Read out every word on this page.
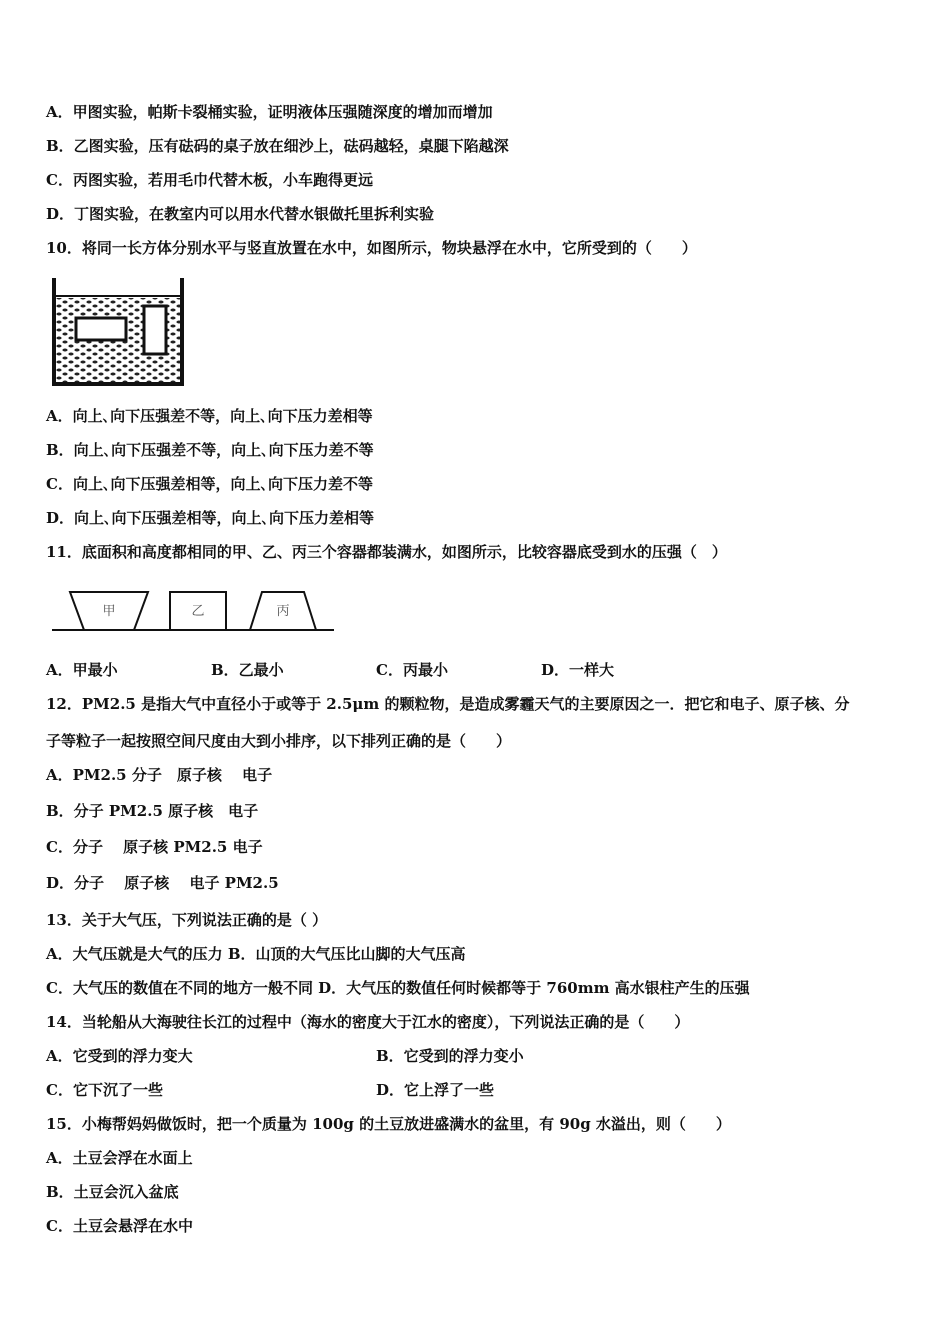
A．甲图实验，帕斯卡裂桶实验，证明液体压强随深度的增加而增加
B．乙图实验，压有砝码的桌子放在细沙上，砝码越轻，桌腿下陷越深
C．丙图实验，若用毛巾代替木板，小车跑得更远
D．丁图实验，在教室内可以用水代替水银做托里拆利实验
10．将同一长方体分别水平与竖直放置在水中，如图所示，物块悬浮在水中，它所受到的（　　）
A．向上､向下压强差不等，向上､向下压力差相等
B．向上､向下压强差不等，向上､向下压力差不等
C．向上､向下压强差相等，向上､向下压力差不等
D．向上､向下压强差相等，向上､向下压力差相等
11．底面积和高度都相同的甲、乙、丙三个容器都装满水，如图所示，比较容器底受到水的压强（　）
甲	乙	丙
A．甲最小	B．乙最小	C．丙最小	D．一样大
12．PM2.5 是指大气中直径小于或等于 2.5μm 的颗粒物，是造成雾霾天气的主要原因之一．把它和电子、原子核、分
子等粒子一起按照空间尺度由大到小排序，以下排列正确的是（　　）
A．PM2.5 分子　原子核　 电子
B．分子 PM2.5 原子核　电子
C．分子　 原子核 PM2.5 电子
D．分子　 原子核　 电子 PM2.5
13．关于大气压，下列说法正确的是（ ）
A．大气压就是大气的压力 B．山顶的大气压比山脚的大气压高
C．大气压的数值在不同的地方一般不同 D．大气压的数值任何时候都等于 760mm 高水银柱产生的压强
14．当轮船从大海驶往长江的过程中（海水的密度大于江水的密度），下列说法正确的是（　　）
A．它受到的浮力变大	B．它受到的浮力变小
C．它下沉了一些	D．它上浮了一些
15．小梅帮妈妈做饭时，把一个质量为 100g 的土豆放进盛满水的盆里，有 90g 水溢出，则（　　）
A．土豆会浮在水面上
B．土豆会沉入盆底
C．土豆会悬浮在水中
